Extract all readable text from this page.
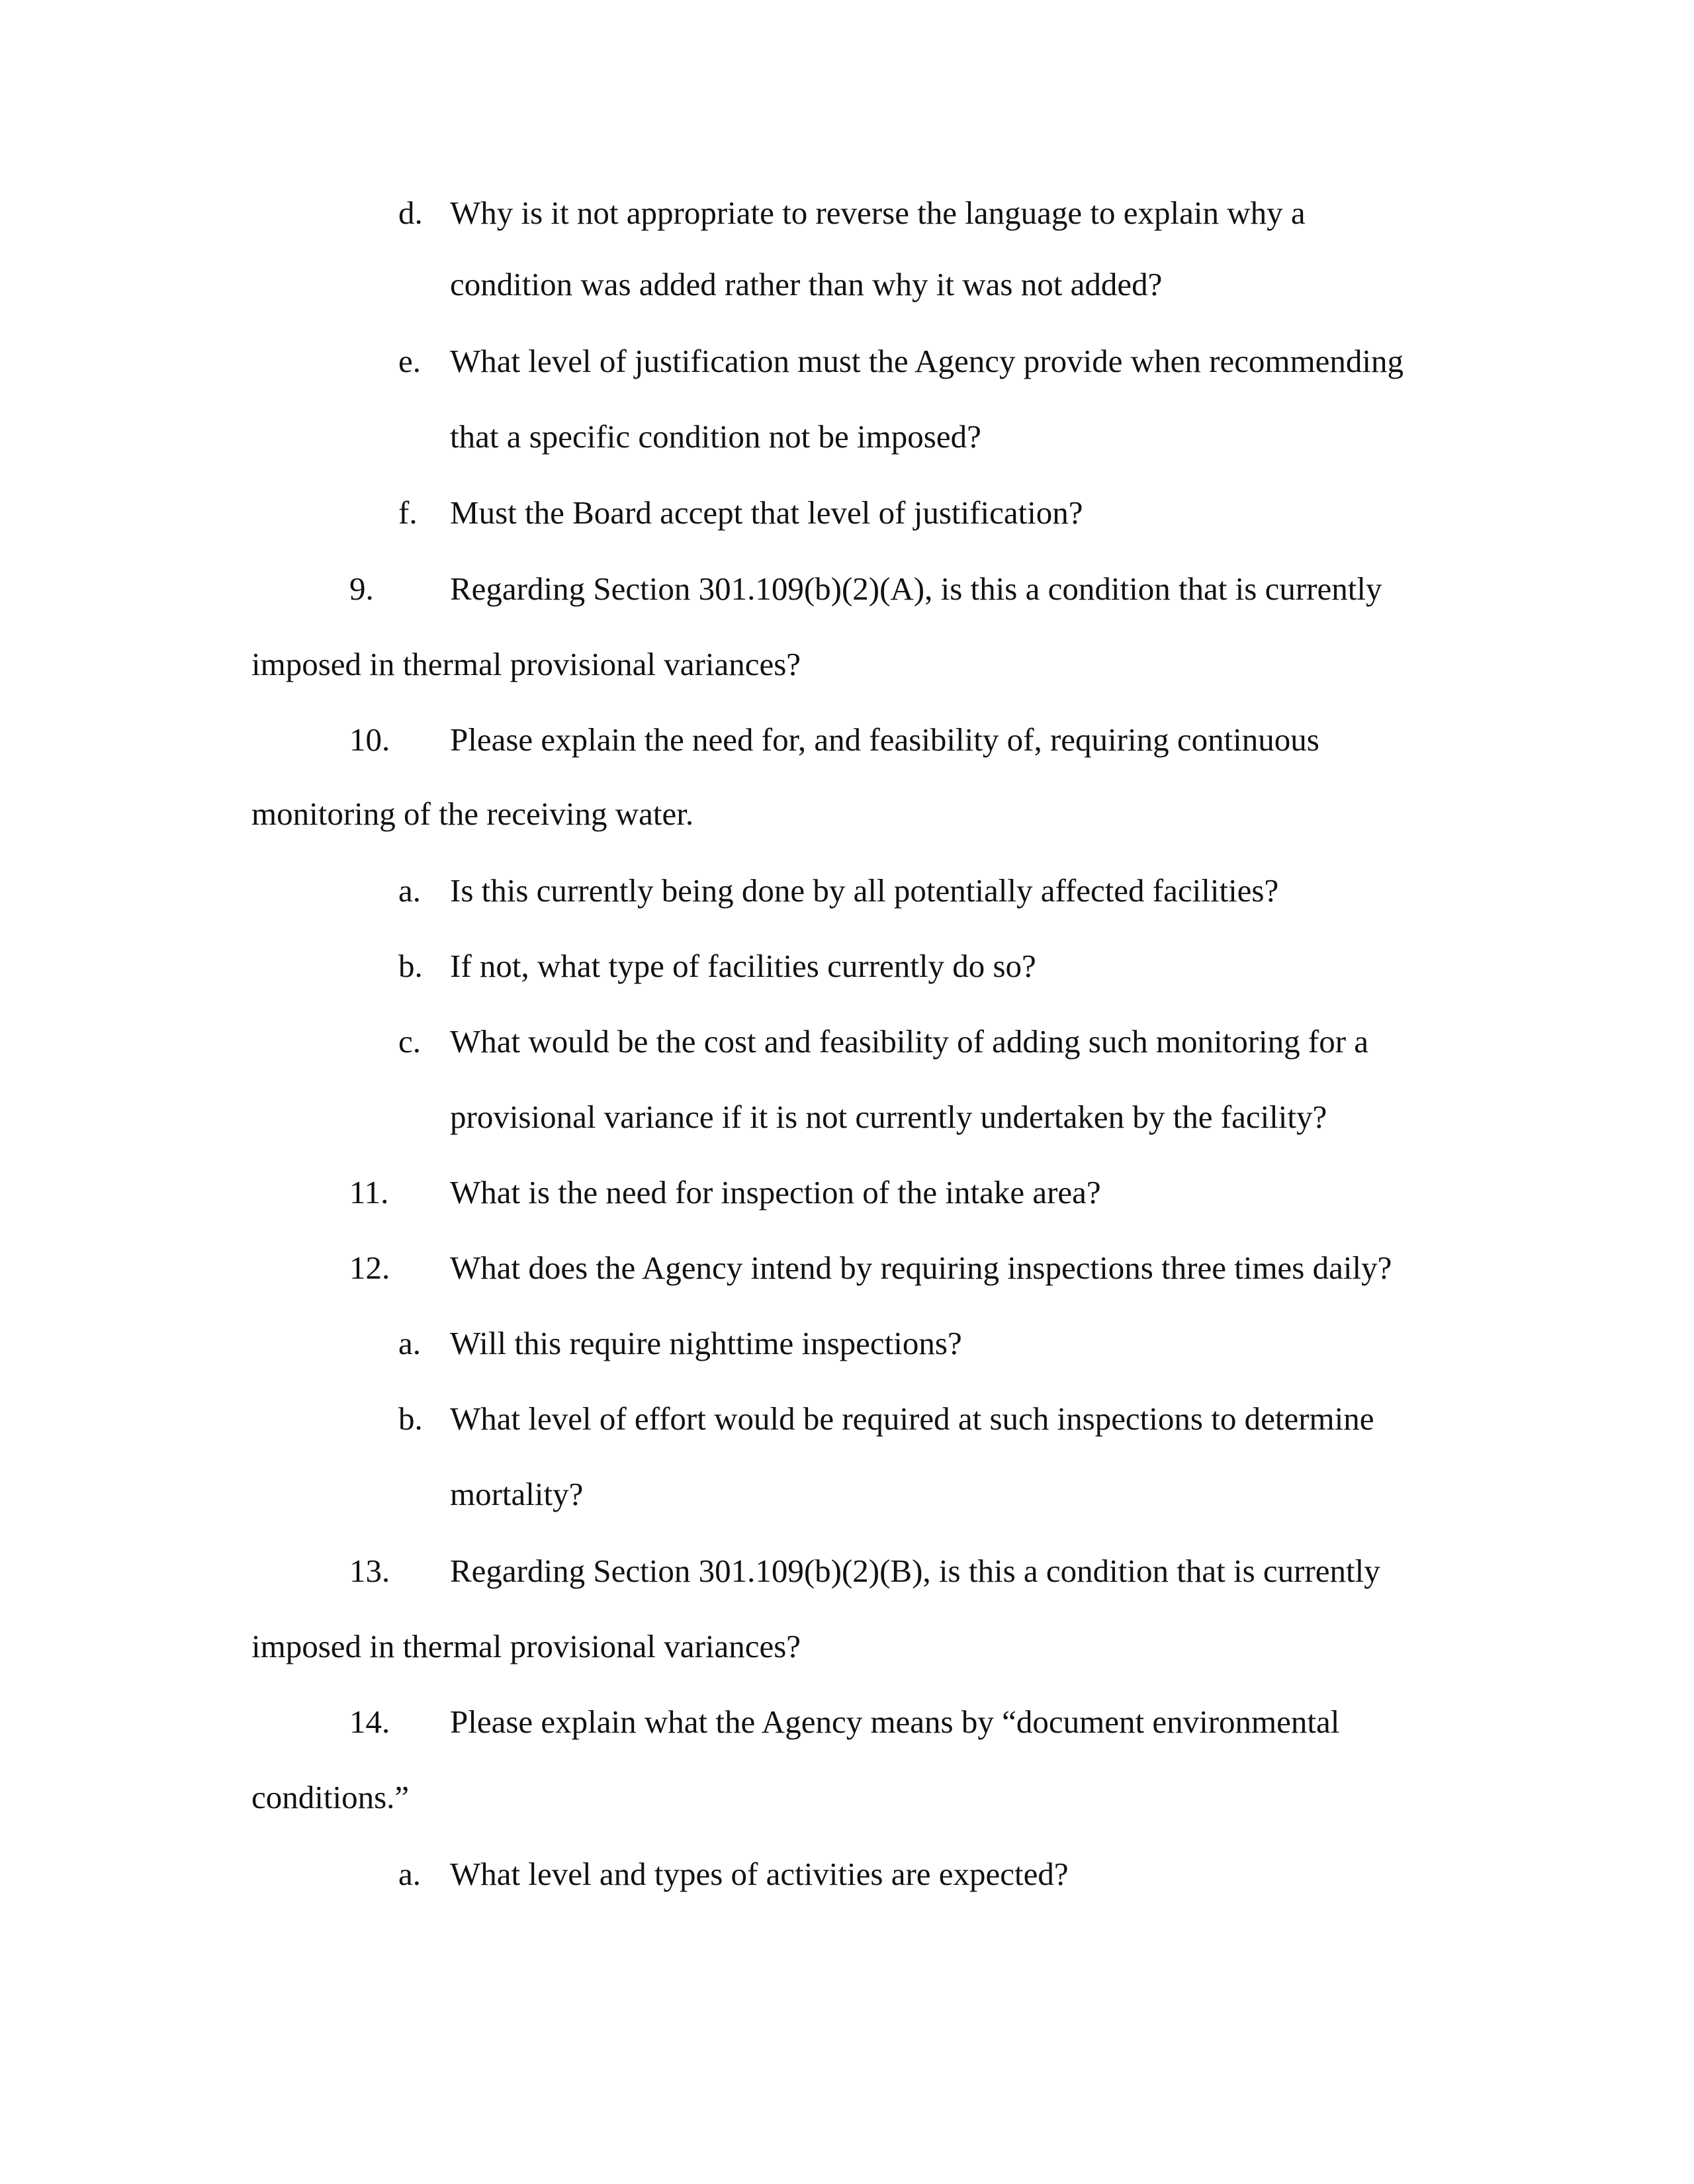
d. Why is it not appropriate to reverse the language to explain why a
condition was added rather than why it was not added?
e. What level of justification must the Agency provide when recommending
that a specific condition not be imposed?
f. Must the Board accept that level of justification?
9. Regarding Section 301.109(b)(2)(A), is this a condition that is currently
imposed in thermal provisional variances?
10. Please explain the need for, and feasibility of, requiring continuous
monitoring of the receiving water.
a. Is this currently being done by all potentially affected facilities?
b. If not, what type of facilities currently do so?
c. What would be the cost and feasibility of adding such monitoring for a
provisional variance if it is not currently undertaken by the facility?
11. What is the need for inspection of the intake area?
12. What does the Agency intend by requiring inspections three times daily?
a. Will this require nighttime inspections?
b. What level of effort would be required at such inspections to determine
mortality?
13. Regarding Section 301.109(b)(2)(B), is this a condition that is currently
imposed in thermal provisional variances?
14. Please explain what the Agency means by “document environmental
conditions.”
a. What level and types of activities are expected?
